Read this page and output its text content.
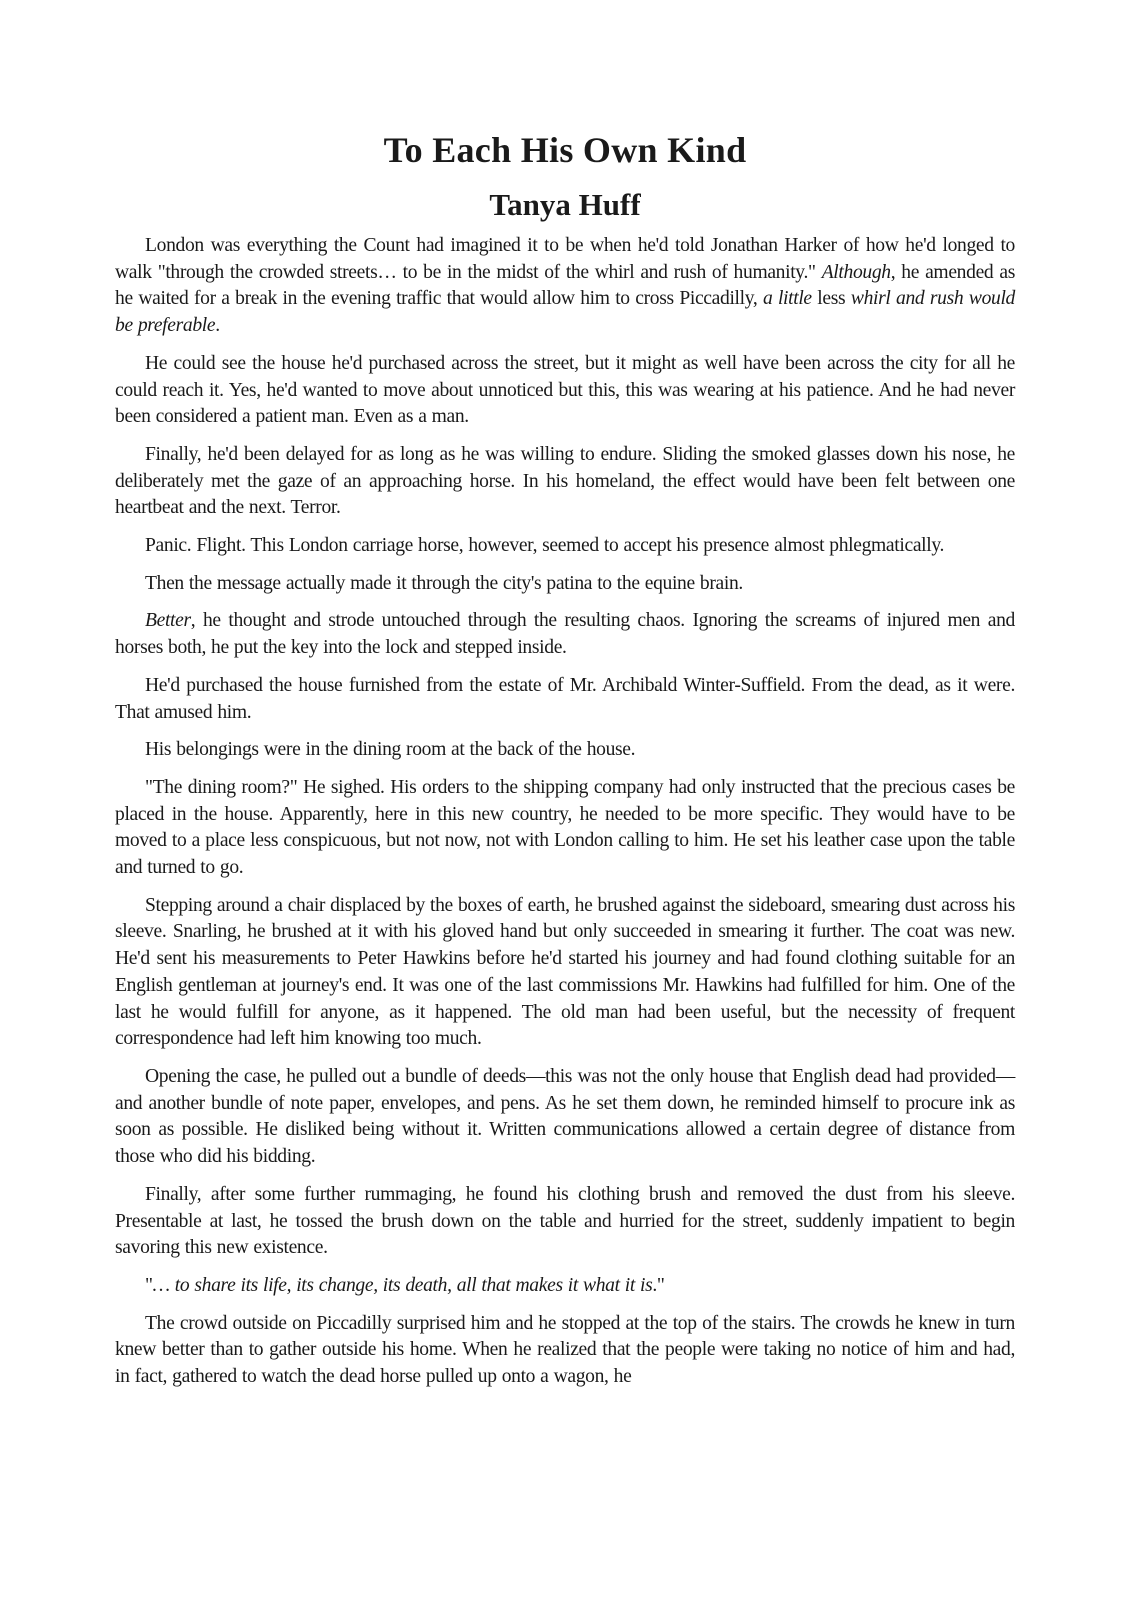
To Each His Own Kind
Tanya Huff

London was everything the Count had imagined it to be when he'd told Jonathan Harker of how he'd longed to walk "through the crowded streets… to be in the midst of the whirl and rush of humanity." Although, he amended as he waited for a break in the evening traffic that would allow him to cross Piccadilly, a little less whirl and rush would be preferable.

He could see the house he'd purchased across the street, but it might as well have been across the city for all he could reach it. Yes, he'd wanted to move about unnoticed but this, this was wearing at his patience. And he had never been considered a patient man. Even as a man.

Finally, he'd been delayed for as long as he was willing to endure. Sliding the smoked glasses down his nose, he deliberately met the gaze of an approaching horse. In his homeland, the effect would have been felt between one heartbeat and the next. Terror.

Panic. Flight. This London carriage horse, however, seemed to accept his presence almost phlegmatically.

Then the message actually made it through the city's patina to the equine brain.

Better, he thought and strode untouched through the resulting chaos. Ignoring the screams of injured men and horses both, he put the key into the lock and stepped inside.

He'd purchased the house furnished from the estate of Mr. Archibald Winter-Suffield. From the dead, as it were. That amused him.

His belongings were in the dining room at the back of the house.

"The dining room?" He sighed. His orders to the shipping company had only instructed that the precious cases be placed in the house. Apparently, here in this new country, he needed to be more specific. They would have to be moved to a place less conspicuous, but not now, not with London calling to him. He set his leather case upon the table and turned to go.

Stepping around a chair displaced by the boxes of earth, he brushed against the sideboard, smearing dust across his sleeve. Snarling, he brushed at it with his gloved hand but only succeeded in smearing it further. The coat was new. He'd sent his measurements to Peter Hawkins before he'd started his journey and had found clothing suitable for an English gentleman at journey's end. It was one of the last commissions Mr. Hawkins had fulfilled for him. One of the last he would fulfill for anyone, as it happened. The old man had been useful, but the necessity of frequent correspondence had left him knowing too much.

Opening the case, he pulled out a bundle of deeds—this was not the only house that English dead had provided—and another bundle of note paper, envelopes, and pens. As he set them down, he reminded himself to procure ink as soon as possible. He disliked being without it. Written communications allowed a certain degree of distance from those who did his bidding.

Finally, after some further rummaging, he found his clothing brush and removed the dust from his sleeve. Presentable at last, he tossed the brush down on the table and hurried for the street, suddenly impatient to begin savoring this new existence.

"… to share its life, its change, its death, all that makes it what it is."

The crowd outside on Piccadilly surprised him and he stopped at the top of the stairs. The crowds he knew in turn knew better than to gather outside his home. When he realized that the people were taking no notice of him and had, in fact, gathered to watch the dead horse pulled up onto a wagon, he
